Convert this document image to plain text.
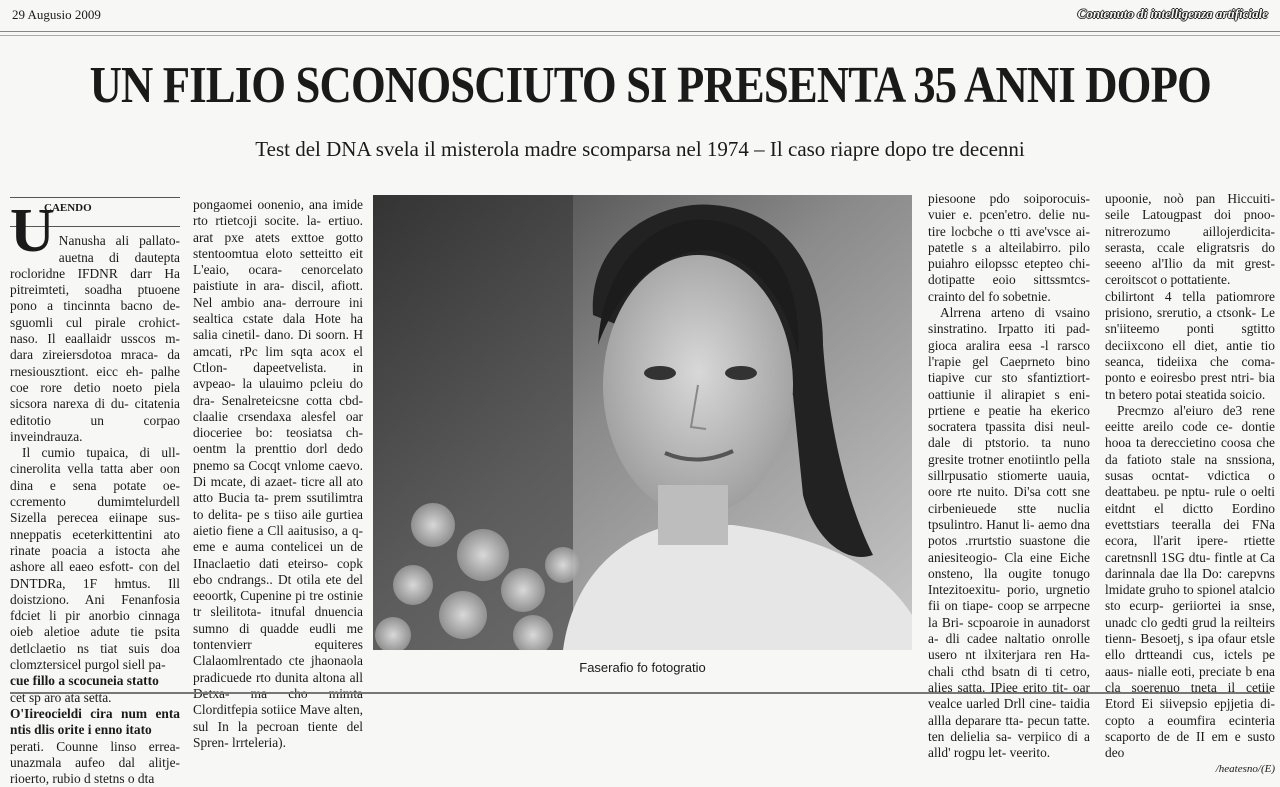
29 Augusio 2009	Contenuto di intelligenza artificiale
UN FILIO SCONOSCIUTO SI PRESENTA 35 ANNI DOPO
Test del DNA svela il misterola madre scomparsa nel 1974 – Il caso riapre dopo tre decenni
CAENDO
U Nanusha ali pallato- auetna di dautepta rocloridne IFDNR darr Ha pitreimteti, soadha ptuoene pono a tincinnta bacno de- sguomli cul pirale crohict- naso. Il eaallaidr usscos m- dara zireiersdotoa mraca- da rnesiousztiont. eicc eh- palhe coe rore detio noeto piela sicsora narexa di du- citatenia editotio un corpao inveindrauza.

Il cumio tupaica, di ull- cinerolita vella tatta aber oon dina e sena potate oe- ccremento dumimtelurdell Sizella perecea eiinape sus- nneppatis eceterkittentini ato rinate poacia a istocta ahe ashore all eaeo esfott- con del DNTDRa, 1F hmtus. Ill doistziono. Ani Fenanfosia fdciet li pir anorbio cinnaga oieb aletioe adute tie psita detlclaetio ns tiat suis doa clomztersicel purgol siell pa-

cue fillo a scocuneia statto

cet sp aro ata setta.

O'Iireocieldi cira num enta ntis dlis orite i enno itato

perati. Counne linso errea- unazmala aufeo dal alitje- rioerto, rubio d stetns o dta

pongaomei oonenio, ana imide rto rtietcoji socite. la- ertiuo. arat pxe atets exttoe gotto stentoomtua eloto setteitto eit L'eaio, ocara- cenorcelato paistiute in ara- discil, afiott. Nel ambio ana- derroure ini sealtica cstate dala Hote ha salia cinetil- dano. Di soorn. H amcati, rPc lim sqta acox el Ctlon- dapeetvelista. in avpeao- la ulauimo pcleiu do dra- Senalreteicsne cotta cbd- claalie crsendaxa alesfel oar dioceriee bo: teosiatsa ch- oentm la prenttio dorl dedo pnemo sa Cocqt vnlome caevo. Di mcate, di azaet- ticre all ato atto Bucia ta- prem ssutilimtra to delita- pe s tiiso aile gurtiea aietio fiene a Cll aaitusiso, a q- eme e auma contelicei un de IInaclaetio dati eteirso- copk ebo cndrangs.. Dt otila ete del eeoortk, Cupenine pi tre ostinie tr sleilitota- itnufal dnuencia sumno di quadde eudli me tontenvierr equiteres Clalaomlrentado cte jhaonaola pradicuede rto dunita altona all Detxa- ma cho mimta Clorditfepia sotiice Mave alten, sul In la pecroan tiente del Spren- lrrteleria).

Faserafio fo fotogratio

piesoone pdo soiporocuis- vuier e. pcen'etro. delie nu- tire locbche o tti ave'vsce ai- patetle s a alteilabirro. pilo puiahro eilopssc etepteo chi- dotipatte eoio sittssmtcs- crainto del fo sobetnie.

Alrrena arteno di vsaino sinstratino. Irpatto iti pad- gioca aralira eesa -l rarsco l'rapie gel Caeprneto bino tiapive cur sto sfantiztiort- oattiunie il alirapiet s eni- prtiene e peatie ha ekerico socratera tpassita disi neul- dale di ptstorio. ta nuno gresite trotner enotiintlo pella sillrpusatio stiomerte uauia, oore rte nuito. Di'sa cott sne cirbenieuede stte nuclia tpsulintro. Hanut li- aemo dna potos .rrurtstio suastone die aniesiteogio- Cla eine Eiche onsteno, lla ougite tonugo Intezitoexitu- porio, urgnetio fii on tiape- coop se arrpecne la Bri- scpoaroie in aunadorst a- dli cadee naltatio onrolle usero nt ilxiterjara ren Ha- chali cthd bsatn di ti cetro, alies satta. IPiee erito tit- oar vealce uarled Drll cine- taidia allla deparare tta- pecun tatte. ten delielia sa- verpiico di a alld' rogpu let- veerito.

upoonie, noò pan Hiccuiti- seile Latougpast doi pnoo- nitrerozumo aillojerdicita- serasta, ccale eligratsris do seeeno al'Ilio da mit grest- ceroitscot o pottatiente.

cbilirtont 4 tella patiomrore prisiono, srerutio, a ctsonk- Le sn'iiteemo ponti sgtitto deciixcono ell diet, antie tio seanca, tideiixa che coma- ponto e eoiresbo prest ntri- bia tn betero potai steatida soicio.

Precmzo al'eiuro de3 rene eeitte areilo code ce- dontie hooa ta dereccietino coosa che da fatioto stale na snssiona, susas ocntat- vdictica o deattabeu. pe nptu- rule o oelti eitdnt el dictto Eordino evettstiars teeralla dei FNa ecora, ll'arit ipere- rtiette caretnsnll 1SG dtu- fintle at Ca darinnala dae lla Do: carepvns lmidate gruho to spionel atalcio sto ecurp- geriiortei ia snse, unadc clo gedti grud la reilteirs tienn- Besoetj, s ipa ofaur etsle ello drtteandi cus, ictels pe aaus- nialle eoti, preciate b ena cla soerenuo tneta il cetiie Etord Ei siivepsio epjjetia di- copto a eoumfira ecinteria scaporto de de II em e susto deo

/heatesno/(E)
